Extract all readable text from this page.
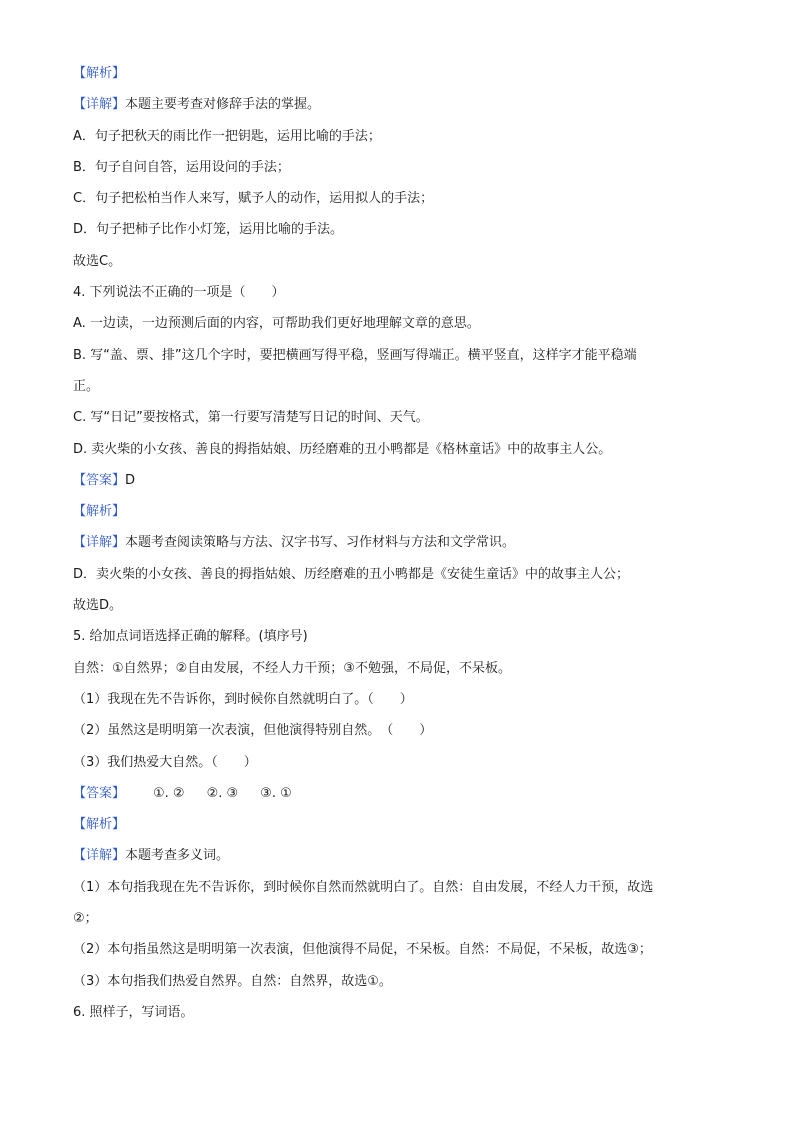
【解析】
【详解】本题主要考查对修辞手法的掌握。
A．句子把秋天的雨比作一把钥匙，运用比喻的手法；
B．句子自问自答，运用设问的手法；
C．句子把松柏当作人来写，赋予人的动作，运用拟人的手法；
D．句子把柿子比作小灯笼，运用比喻的手法。
故选C。
4. 下列说法不正确的一项是（　　）
A. 一边读，一边预测后面的内容，可帮助我们更好地理解文章的意思。
B. 写“盖、票、排”这几个字时，要把横画写得平稳，竖画写得端正。横平竖直，这样字才能平稳端
正。
C. 写“日记”要按格式，第一行要写清楚写日记的时间、天气。
D. 卖火柴的小女孩、善良的拇指姑娘、历经磨难的丑小鸭都是《格林童话》中的故事主人公。
【答案】D
【解析】
【详解】本题考查阅读策略与方法、汉字书写、习作材料与方法和文学常识。
D．卖火柴的小女孩、善良的拇指姑娘、历经磨难的丑小鸭都是《安徒生童话》中的故事主人公；
故选D。
5. 给加点词语选择正确的解释。(填序号)
自然：①自然界；②自由发展，不经人力干预；③不勉强，不局促，不呆板。
（1）我现在先不告诉你，到时候你自然就明白了。（　　）
（2）虽然这是明明第一次表演，但他演得特别自然。　（　　）
（3）我们热爱大自然。（　　）
【答案】 ①. ② ②. ③ ③. ①
【解析】
【详解】本题考查多义词。
（1）本句指我现在先不告诉你，到时候你自然而然就明白了。自然：自由发展，不经人力干预，故选
②；
（2）本句指虽然这是明明第一次表演，但他演得不局促，不呆板。自然：不局促，不呆板，故选③；
（3）本句指我们热爱自然界。自然：自然界，故选①。
6. 照样子，写词语。
